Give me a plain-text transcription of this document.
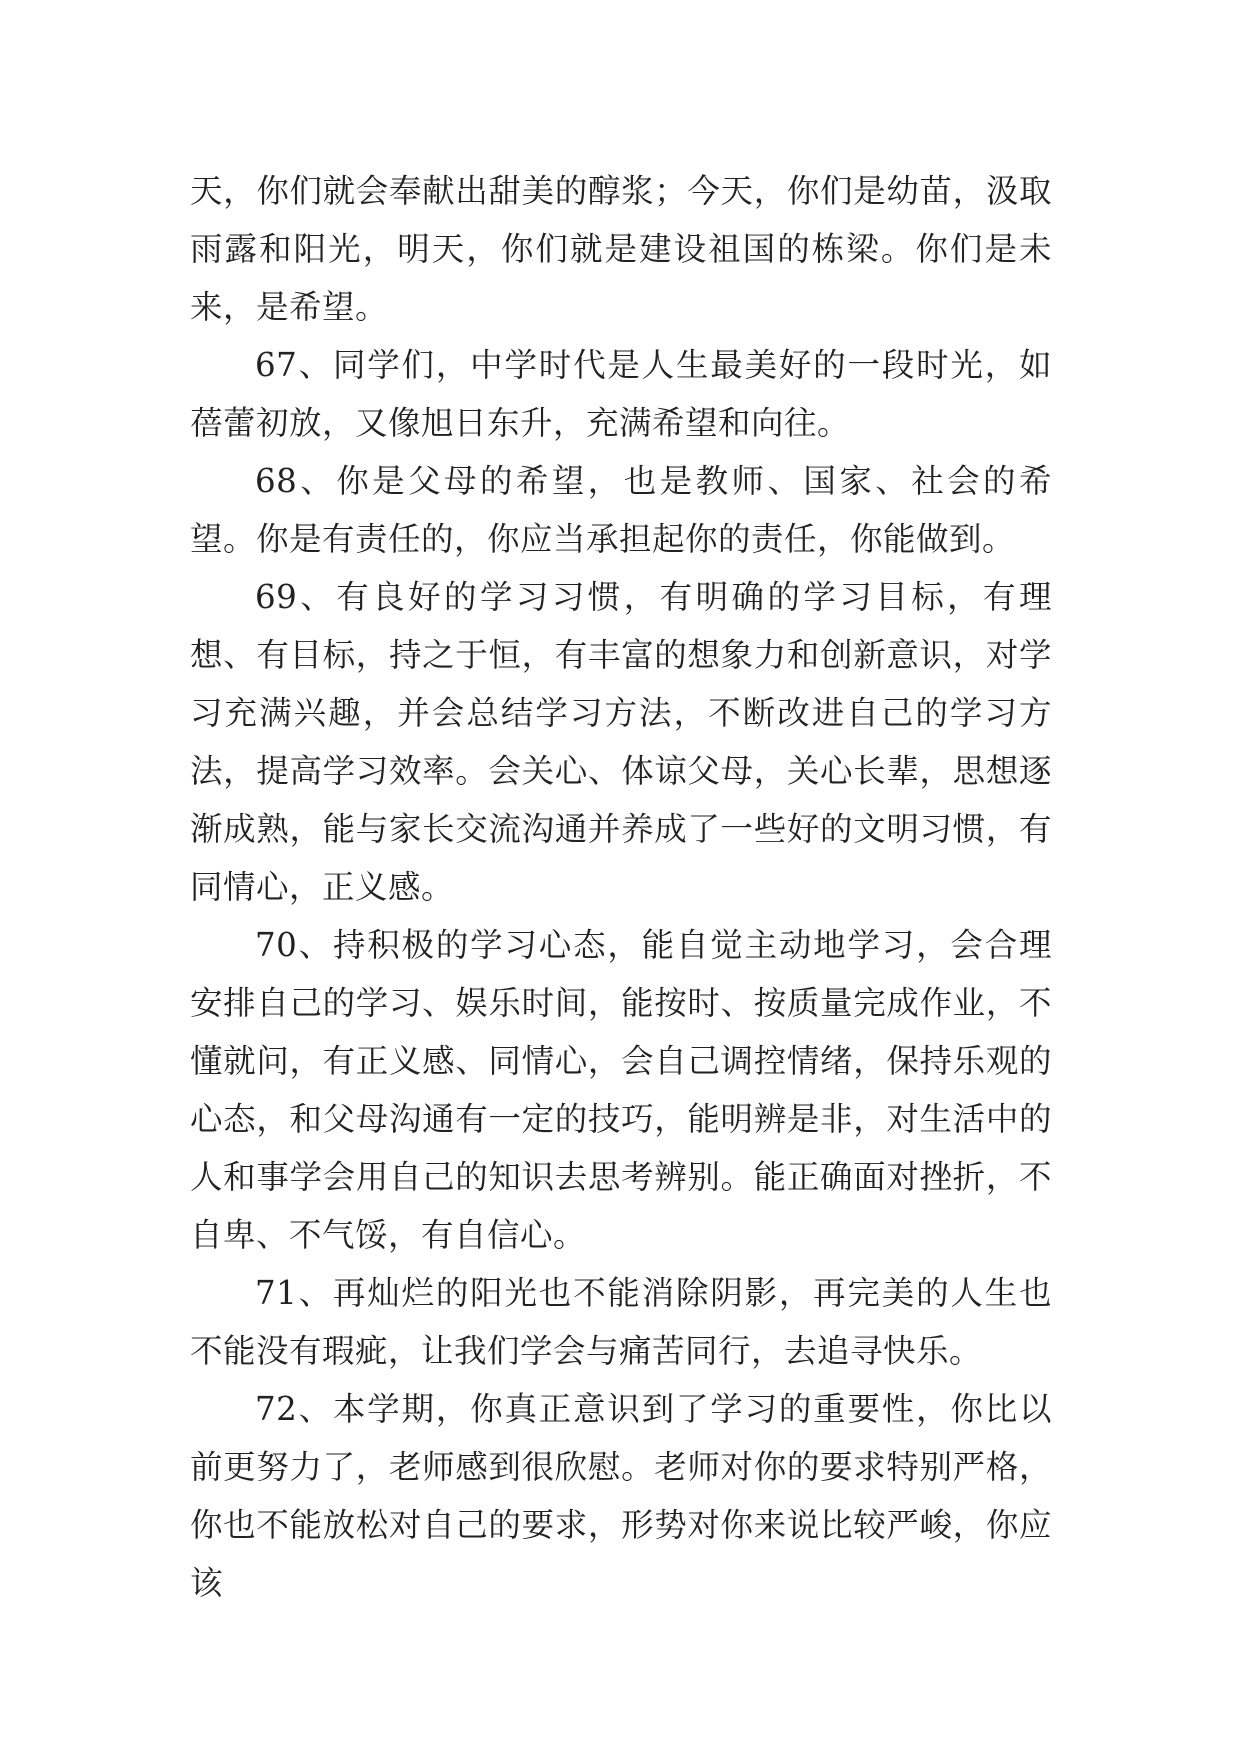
天，你们就会奉献出甜美的醇浆；今天，你们是幼苗，汲取雨露和阳光，明天，你们就是建设祖国的栋梁。你们是未来，是希望。

67、同学们，中学时代是人生最美好的一段时光，如蓓蕾初放，又像旭日东升，充满希望和向往。

68、你是父母的希望，也是教师、国家、社会的希望。你是有责任的，你应当承担起你的责任，你能做到。

69、有良好的学习习惯，有明确的学习目标，有理想、有目标，持之于恒，有丰富的想象力和创新意识，对学习充满兴趣，并会总结学习方法，不断改进自己的学习方法，提高学习效率。会关心、体谅父母，关心长辈，思想逐渐成熟，能与家长交流沟通并养成了一些好的文明习惯，有同情心，正义感。

70、持积极的学习心态，能自觉主动地学习，会合理安排自己的学习、娱乐时间，能按时、按质量完成作业，不懂就问，有正义感、同情心，会自己调控情绪，保持乐观的心态，和父母沟通有一定的技巧，能明辨是非，对生活中的人和事学会用自己的知识去思考辨别。能正确面对挫折，不自卑、不气馁，有自信心。

71、再灿烂的阳光也不能消除阴影，再完美的人生也不能没有瑕疵，让我们学会与痛苦同行，去追寻快乐。

72、本学期，你真正意识到了学习的重要性，你比以前更努力了，老师感到很欣慰。老师对你的要求特别严格，你也不能放松对自己的要求，形势对你来说比较严峻，你应该
